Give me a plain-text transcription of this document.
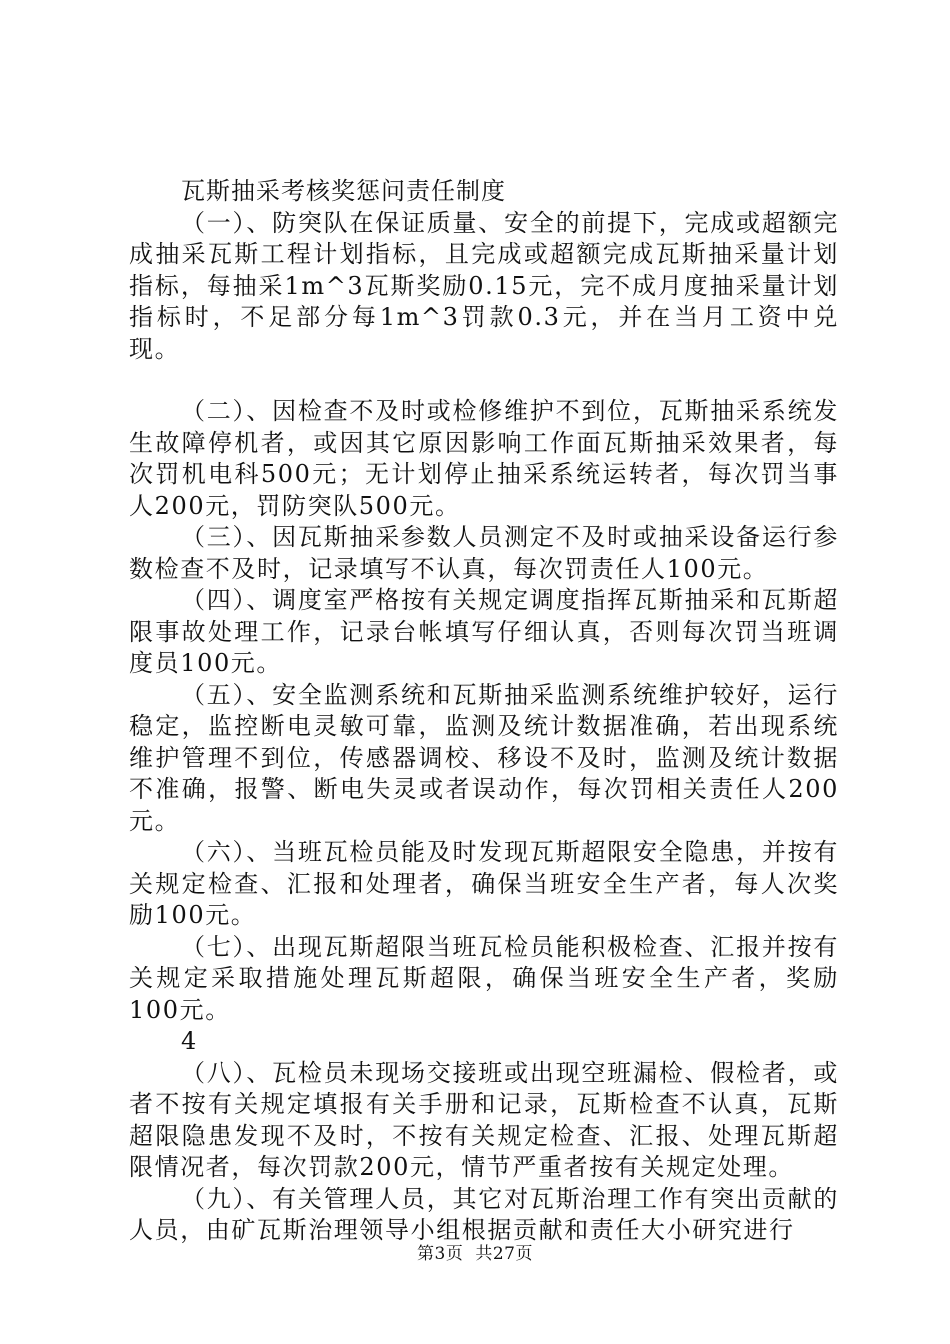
瓦斯抽采考核奖惩问责任制度

（一）、防突队在保证质量、安全的前提下，完成或超额完成抽采瓦斯工程计划指标，且完成或超额完成瓦斯抽采量计划指标，每抽采1m^3瓦斯奖励0.15元，完不成月度抽采量计划指标时，不足部分每1m^3罚款0.3元，并在当月工资中兑现。

（二）、因检查不及时或检修维护不到位，瓦斯抽采系统发生故障停机者，或因其它原因影响工作面瓦斯抽采效果者，每次罚机电科500元；无计划停止抽采系统运转者，每次罚当事人200元，罚防突队500元。

（三）、因瓦斯抽采参数人员测定不及时或抽采设备运行参数检查不及时，记录填写不认真，每次罚责任人100元。

（四）、调度室严格按有关规定调度指挥瓦斯抽采和瓦斯超限事故处理工作，记录台帐填写仔细认真，否则每次罚当班调度员100元。

（五）、安全监测系统和瓦斯抽采监测系统维护较好，运行稳定，监控断电灵敏可靠，监测及统计数据准确，若出现系统维护管理不到位，传感器调校、移设不及时，监测及统计数据不准确，报警、断电失灵或者误动作，每次罚相关责任人200元。

（六）、当班瓦检员能及时发现瓦斯超限安全隐患，并按有关规定检查、汇报和处理者，确保当班安全生产者，每人次奖励100元。

（七）、出现瓦斯超限当班瓦检员能积极检查、汇报并按有关规定采取措施处理瓦斯超限，确保当班安全生产者，奖励100元。

4

（八）、瓦检员未现场交接班或出现空班漏检、假检者，或者不按有关规定填报有关手册和记录，瓦斯检查不认真，瓦斯超限隐患发现不及时，不按有关规定检查、汇报、处理瓦斯超限情况者，每次罚款200元，情节严重者按有关规定处理。

（九）、有关管理人员，其它对瓦斯治理工作有突出贡献的人员，由矿瓦斯治理领导小组根据贡献和责任大小研究进行

第3页 共27页
